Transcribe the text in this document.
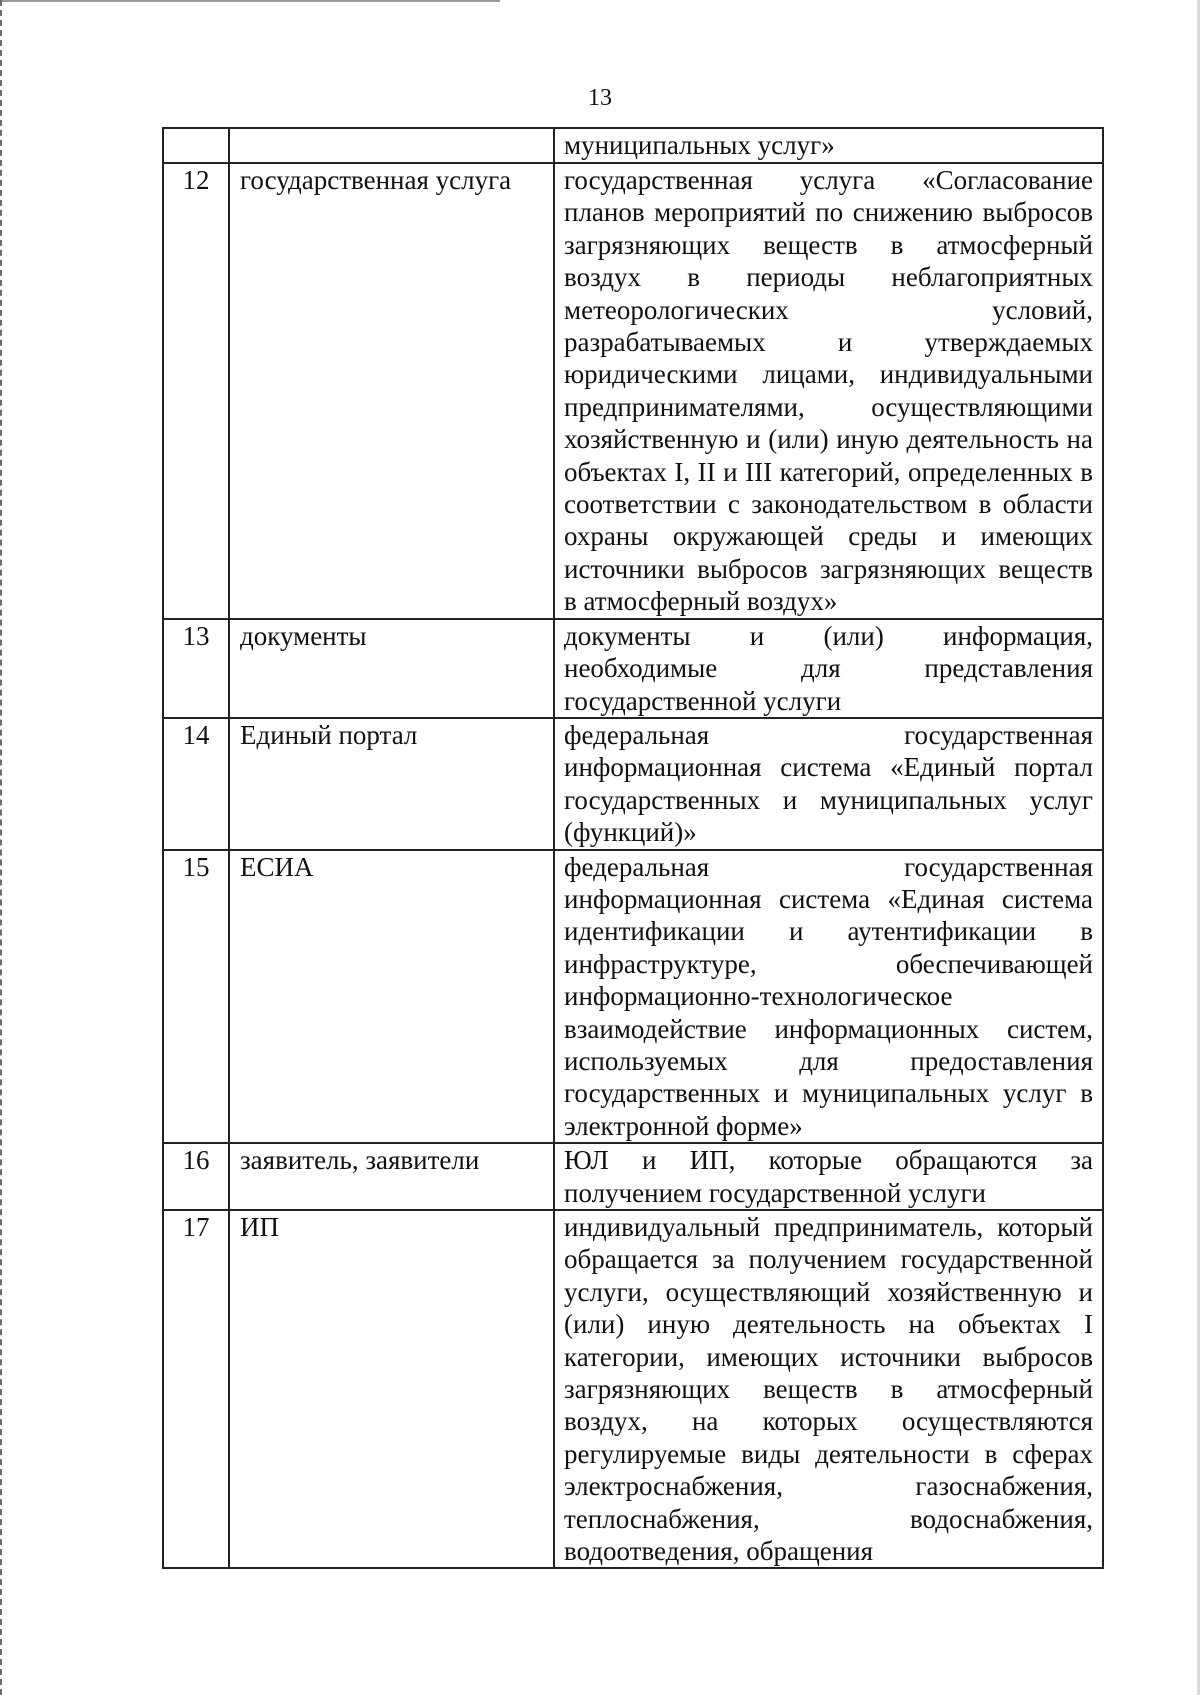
13
		муниципальных услуг»
12	государственная услуга	государственная услуга «Согласование планов мероприятий по снижению выбросов загрязняющих веществ в атмосферный воздух в периоды неблагоприятных метеорологических условий, разрабатываемых и утверждаемых юридическими лицами, индивидуальными предпринимателями, осуществляющими хозяйственную и (или) иную деятельность на объектах I, II и III категорий, определенных в соответствии с законодательством в области охраны окружающей среды и имеющих источники выбросов загрязняющих веществ в атмосферный воздух»
13	документы	документы и (или) информация, необходимые для представления государственной услуги
14	Единый портал	федеральная государственная информационная система «Единый портал государственных и муниципальных услуг (функций)»
15	ЕСИА	федеральная государственная информационная система «Единая система идентификации и аутентификации в инфраструктуре, обеспечивающей информационно-технологическое взаимодействие информационных систем, используемых для предоставления государственных и муниципальных услуг в электронной форме»
16	заявитель, заявители	ЮЛ и ИП, которые обращаются за получением государственной услуги
17	ИП	индивидуальный предприниматель, который обращается за получением государственной услуги, осуществляющий хозяйственную и (или) иную деятельность на объектах I категории, имеющих источники выбросов загрязняющих веществ в атмосферный воздух, на которых осуществляются регулируемые виды деятельности в сферах электроснабжения, газоснабжения, теплоснабжения, водоснабжения, водоотведения, обращения
